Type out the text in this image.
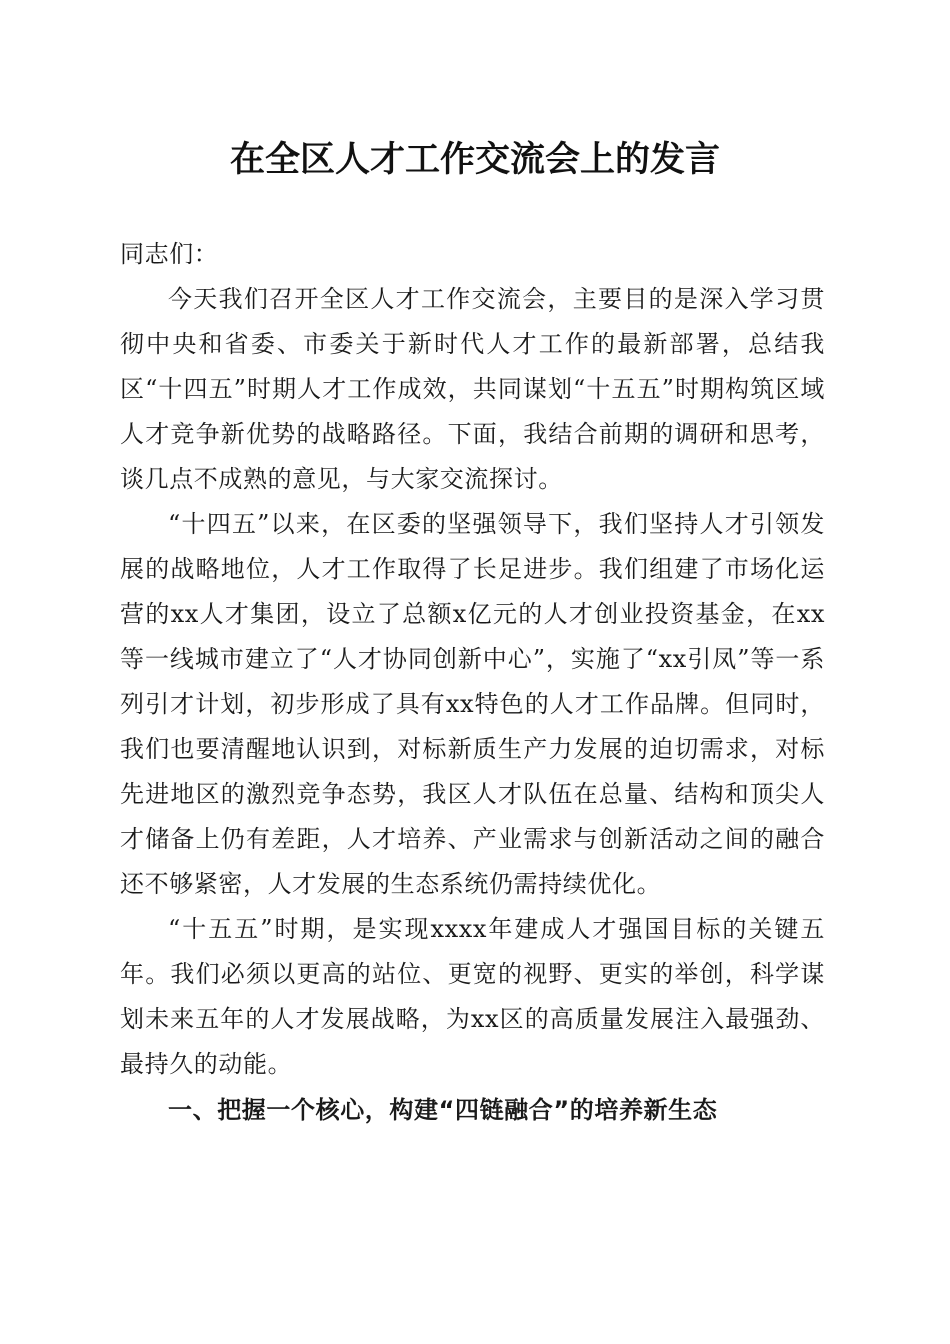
在全区人才工作交流会上的发言

同志们：

今天我们召开全区人才工作交流会，主要目的是深入学习贯彻中央和省委、市委关于新时代人才工作的最新部署，总结我区“十四五”时期人才工作成效，共同谋划“十五五”时期构筑区域人才竞争新优势的战略路径。下面，我结合前期的调研和思考，谈几点不成熟的意见，与大家交流探讨。

“十四五”以来，在区委的坚强领导下，我们坚持人才引领发展的战略地位，人才工作取得了长足进步。我们组建了市场化运营的xx人才集团，设立了总额x亿元的人才创业投资基金，在xx等一线城市建立了“人才协同创新中心”，实施了“xx引凤”等一系列引才计划，初步形成了具有xx特色的人才工作品牌。但同时，我们也要清醒地认识到，对标新质生产力发展的迫切需求，对标先进地区的激烈竞争态势，我区人才队伍在总量、结构和顶尖人才储备上仍有差距，人才培养、产业需求与创新活动之间的融合还不够紧密，人才发展的生态系统仍需持续优化。

“十五五”时期，是实现xxxx年建成人才强国目标的关键五年。我们必须以更高的站位、更宽的视野、更实的举创，科学谋划未来五年的人才发展战略，为xx区的高质量发展注入最强劲、最持久的动能。

一、把握一个核心，构建“四链融合”的培养新生态
